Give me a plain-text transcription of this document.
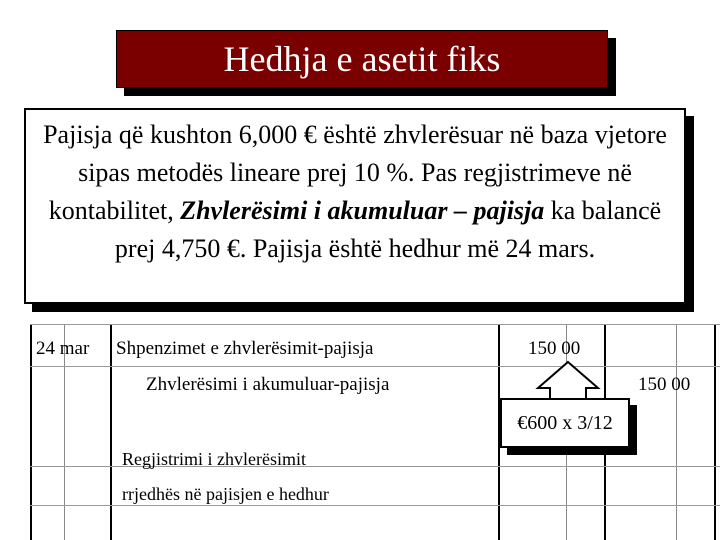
Hedhja e asetit fiks
Pajisja që kushton 6,000 € është zhvlerësuar në baza vjetore sipas metodës lineare prej 10 %. Pas regjistrimeve në kontabilitet, Zhvlerësimi i akumuluar – pajisja ka balancë prej 4,750 €. Pajisja është hedhur më 24 mars.
24 mar Shpenzimet e zhvlerësimit-pajisja	150 00
Zhvlerësimi i akumuluar-pajisja	150 00
Regjistrimi i zhvlerësimit
rrjedhës në pajisjen e hedhur
€600 x 3/12
